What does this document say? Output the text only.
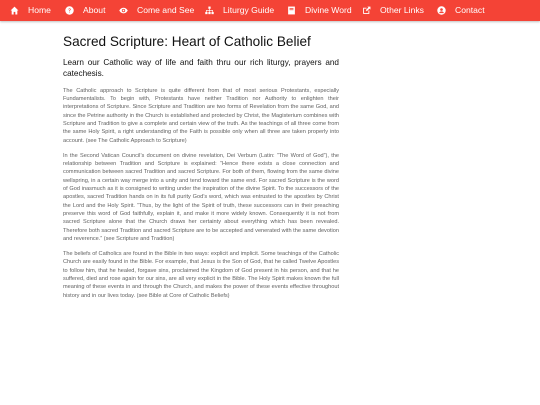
Home	About	Come and See	Liturgy Guide	Divine Word	Other Links	Contact
Sacred Scripture: Heart of Catholic Belief

Learn our Catholic way of life and faith thru our rich liturgy, prayers and catechesis.

The Catholic approach to Scripture is quite different from that of most serious Protestants, especially Fundamentalists. To begin with, Protestants have neither Tradition nor Authority to enlighten their interpretations of Scripture. Since Scripture and Tradition are two forms of Revelation from the same God, and since the Petrine authority in the Church is established and protected by Christ, the Magisterium combines with Scripture and Tradition to give a complete and certain view of the truth. As the teachings of all three come from the same Holy Spirit, a right understanding of the Faith is possible only when all three are taken properly into account. (see The Catholic Approach to Scripture)

In the Second Vatican Council’s document on divine revelation, Dei Verbum (Latin: “The Word of God”), the relationship between Tradition and Scripture is explained: “Hence there exists a close connection and communication between sacred Tradition and sacred Scripture. For both of them, flowing from the same divine wellspring, in a certain way merge into a unity and tend toward the same end. For sacred Scripture is the word of God inasmuch as it is consigned to writing under the inspiration of the divine Spirit. To the successors of the apostles, sacred Tradition hands on in its full purity God’s word, which was entrusted to the apostles by Christ the Lord and the Holy Spirit. “Thus, by the light of the Spirit of truth, these successors can in their preaching preserve this word of God faithfully, explain it, and make it more widely known. Consequently it is not from sacred Scripture alone that the Church draws her certainty about everything which has been revealed. Therefore both sacred Tradition and sacred Scripture are to be accepted and venerated with the same devotion and reverence.” (see Scripture and Tradition)

The beliefs of Catholics are found in the Bible in two ways: explicit and implicit. Some teachings of the Catholic Church are easily found in the Bible. For example, that Jesus is the Son of God, that he called Twelve Apostles to follow him, that he healed, forgave sins, proclaimed the Kingdom of God present in his person, and that he suffered, died and rose again for our sins, are all very explicit in the Bible. The Holy Spirit makes known the full meaning of these events in and through the Church, and makes the power of these events effective throughout history and in our lives today. (see Bible at Core of Catholic Beliefs)
